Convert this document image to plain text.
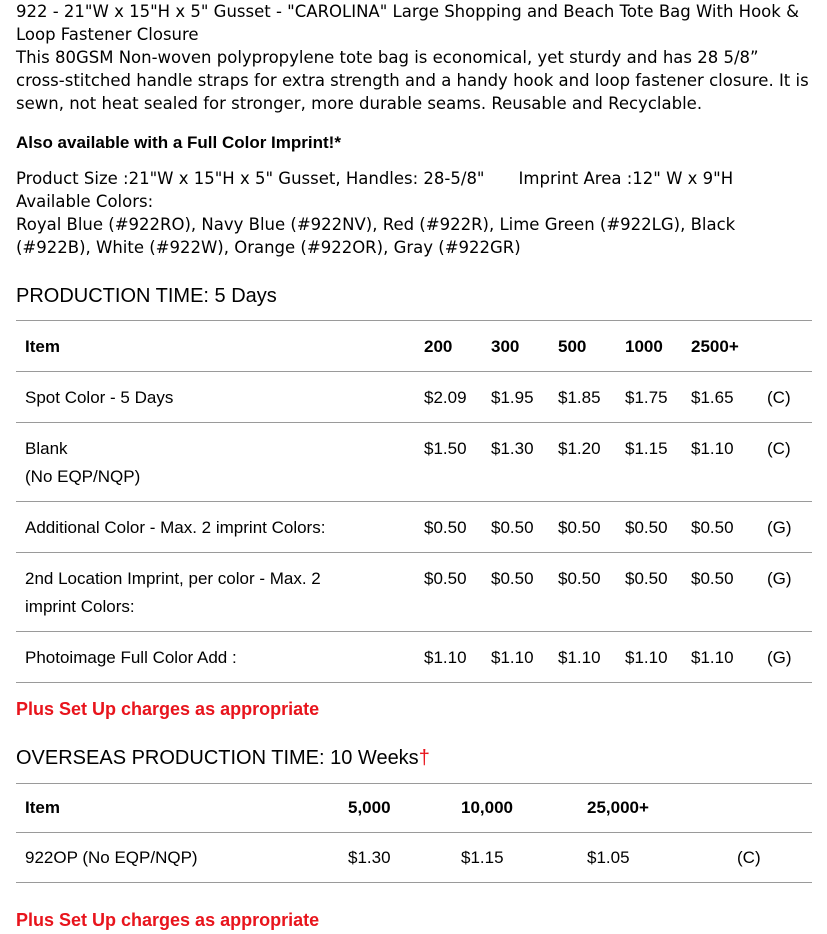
922 - 21"W x 15"H x 5" Gusset - "CAROLINA" Large Shopping and Beach Tote Bag With Hook & Loop Fastener Closure

This 80GSM Non-woven polypropylene tote bag is economical, yet sturdy and has 28 5/8” cross-stitched handle straps for extra strength and a handy hook and loop fastener closure. It is sewn, not heat sealed for stronger, more durable seams. Reusable and Recyclable.

Also available with a Full Color Imprint!*

Product Size :21"W x 15"H x 5" Gusset, Handles: 28-5/8" Imprint Area :12" W x 9"H
Available Colors:
Royal Blue (#922RO), Navy Blue (#922NV), Red (#922R), Lime Green (#922LG), Black (#922B), White (#922W), Orange (#922OR), Gray (#922GR)

PRODUCTION TIME: 5 Days

Item	200	300	500	1000	2500+	
Spot Color - 5 Days	$2.09	$1.95	$1.85	$1.75	$1.65	(C)

Blank
(No EQP/NQP)	$1.50	$1.30	$1.20	$1.15	$1.10	(C)
Additional Color - Max. 2 imprint Colors:	$0.50	$0.50	$0.50	$0.50	$0.50	(G)

2nd Location Imprint, per color - Max. 2
imprint Colors:	$0.50	$0.50	$0.50	$0.50	$0.50	(G)
Photoimage Full Color Add :	$1.10	$1.10	$1.10	$1.10	$1.10	(G)

Plus Set Up charges as appropriate

OVERSEAS PRODUCTION TIME: 10 Weeks†

Item	5,000	10,000	25,000+	
922OP (No EQP/NQP)	$1.30	$1.15	$1.05	(C)

Plus Set Up charges as appropriate
